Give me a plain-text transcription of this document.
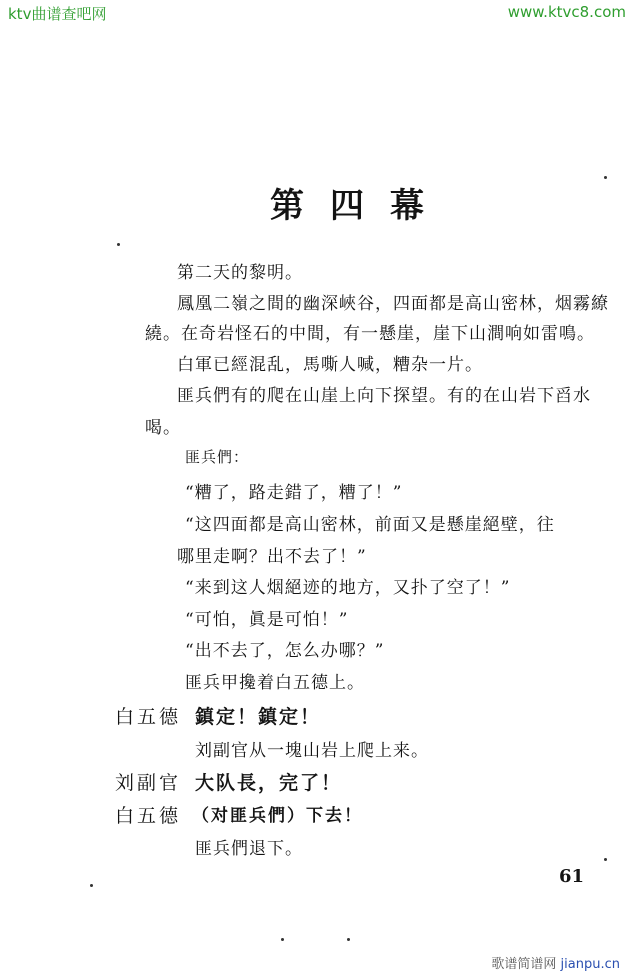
ktv曲谱查吧网	www.ktvc8.com
第四幕
第二天的黎明。
鳳凰二嶺之間的幽深峽谷，四面都是高山密林，烟霧繚
繞。在奇岩怪石的中間，有一懸崖，崖下山澗响如雷鳴。
白軍已經混乱，馬嘶人喊，糟杂一片。
匪兵們有的爬在山崖上向下探望。有的在山岩下舀水
喝。
匪兵們：
“糟了，路走錯了，糟了！”
“这四面都是高山密林，前面又是懸崖絕壁，往
哪里走啊？出不去了！”
“来到这人烟絕迹的地方，又扑了空了！”
“可怕，眞是可怕！”
“出不去了，怎么办哪？”
匪兵甲攙着白五德上。
白五德 鎮定！鎮定！
刘副官从一塊山岩上爬上来。
刘副官 大队長，完了！
白五德 （对匪兵們）下去！
匪兵們退下。
61
歌谱简谱网 jianpu.cn
